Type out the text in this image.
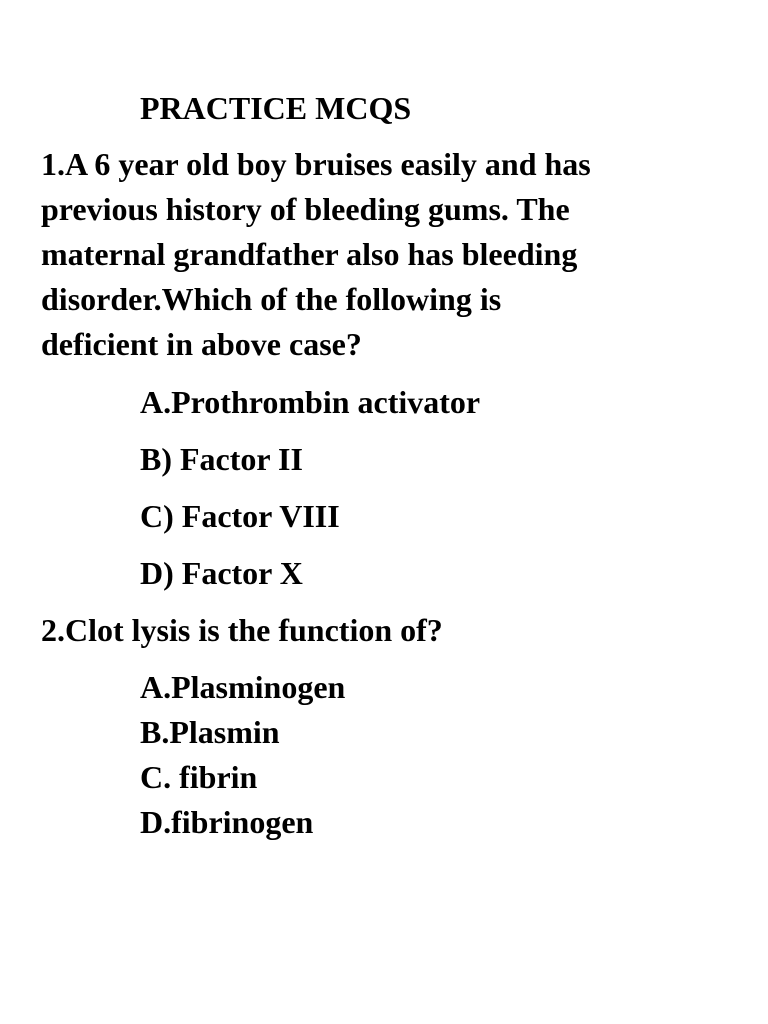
PRACTICE MCQS
1.A 6 year old boy bruises easily and has
previous history of bleeding gums. The
maternal grandfather also has bleeding
disorder.Which of the following is
deficient in above case?
A.Prothrombin activator
B) Factor II
C) Factor VIII
D) Factor X
2.Clot lysis is the function of?
A.Plasminogen
B.Plasmin
C. fibrin
D.fibrinogen
